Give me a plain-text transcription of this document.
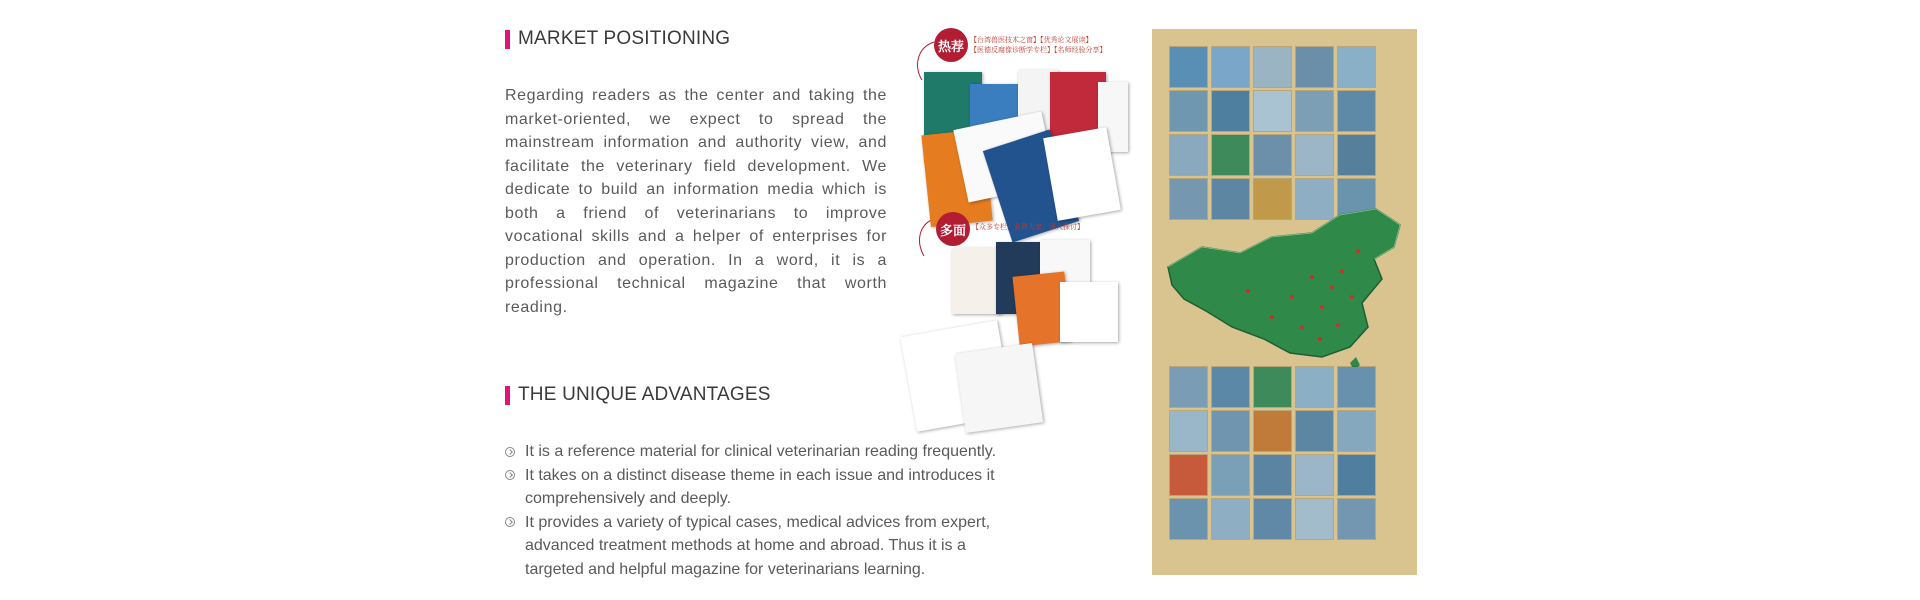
MARKET POSITIONING
Regarding readers as the center and taking the market-oriented, we expect to spread the mainstream information and authority view, and facilitate the veterinary field development. We dedicate to build an information media which is both a friend of veterinarians to improve vocational skills and a helper of enterprises for production and operation. In a word, it is a professional technical magazine that worth reading.
THE UNIQUE ADVANTAGES
It is a reference material for clinical veterinarian reading frequently.
It takes on a distinct disease theme in each issue and introduces it comprehensively and deeply.
It provides a variety of typical cases, medical advices from expert, advanced treatment methods at home and abroad. Thus it is a targeted and helpful magazine for veterinarians learning.
热荐 【台湾兽医技术之窗】【优秀论文展读】
【医德反腐像诊断学专栏】【名师经验分享】
多面 【众多专栏，业界大家，深入探讨】
